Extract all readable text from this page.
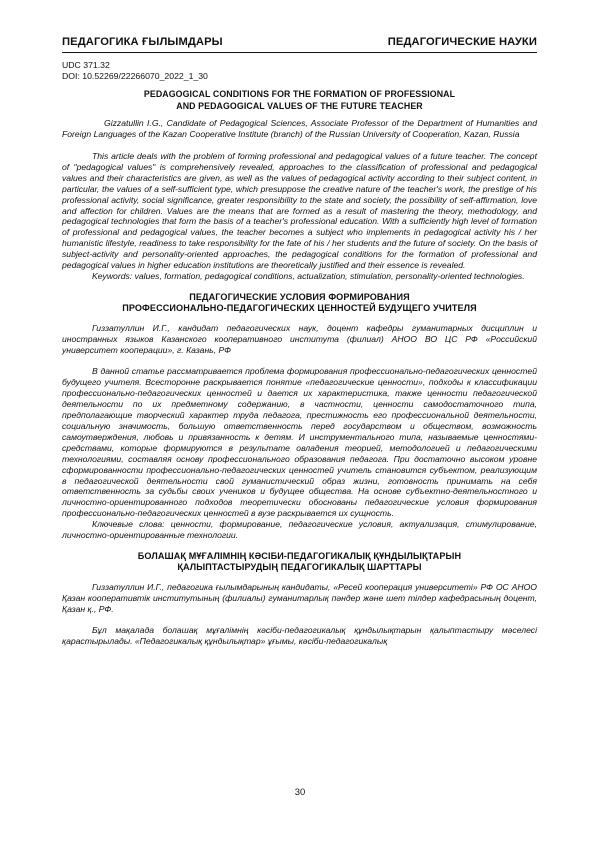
ПЕДАГОГИКА ҒЫЛЫМДАРЫ	ПЕДАГОГИЧЕСКИЕ НАУКИ

UDC 371.32

DOI: 10.52269/22266070_2022_1_30

PEDAGOGICAL CONDITIONS FOR THE FORMATION OF PROFESSIONAL

AND PEDAGOGICAL VALUES OF THE FUTURE TEACHER

Gizzatullin I.G., Candidate of Pedagogical Sciences, Associate Professor of the Department of Humanities and Foreign Languages of the Kazan Cooperative Institute (branch) of the Russian University of Cooperation, Kazan, Russia

This article deals with the problem of forming professional and pedagogical values of a future teacher. The concept of "pedagogical values" is comprehensively revealed, approaches to the classification of professional and pedagogical values and their characteristics are given, as well as the values of pedagogical activity according to their subject content, in particular, the values of a self-sufficient type, which presuppose the creative nature of the teacher's work, the prestige of his professional activity, social significance, greater responsibility to the state and society, the possibility of self-affirmation, love and affection for children. Values are the means that are formed as a result of mastering the theory, methodology, and pedagogical technologies that form the basis of a teacher's professional education. With a sufficiently high level of formation of professional and pedagogical values, the teacher becomes a subject who implements in pedagogical activity his / her humanistic lifestyle, readiness to take responsibility for the fate of his / her students and the future of society. On the basis of subject-activity and personality-oriented approaches, the pedagogical conditions for the formation of professional and pedagogical values in higher education institutions are theoretically justified and their essence is revealed.

Keywords: values, formation, pedagogical conditions, actualization, stimulation, personality-oriented technologies.

ПЕДАГОГИЧЕСКИЕ УСЛОВИЯ ФОРМИРОВАНИЯ

ПРОФЕССИОНАЛЬНО-ПЕДАГОГИЧЕСКИХ ЦЕННОСТЕЙ БУДУЩЕГО УЧИТЕЛЯ

Гиззатуллин И.Г., кандидат педагогических наук, доцент кафедры гуманитарных дисциплин и иностранных языков Казанского кооперативного института (филиал) АНОО ВО ЦС РФ «Российский университет кооперации», г. Казань, РФ

В данной статье рассматривается проблема формирования профессионально-педагогических ценностей будущего учителя. Всесторонне раскрывается понятие «педагогические ценности», подходы к классификации профессионально-педагогических ценностей и дается их характеристика, также ценности педагогической деятельности по их предметному содержанию, в частности, ценности самодостаточного типа, предполагающие творческий характер труда педагога, престижность его профессиональной деятельности, социальную значимость, большую ответственность перед государством и обществом, возможность самоутверждения, любовь и привязанность к детям. И инструментального типа, называемые ценностями-средствами, которые формируются в результате овладения теорией, методологией и педагогическими технологиями, составляя основу профессионального образования педагога. При достаточно высоком уровне сформированности профессионально-педагогических ценностей учитель становится субъектом, реализующим в педагогической деятельности свой гуманистический образ жизни, готовность принимать на себя ответственность за судьбы своих учеников и будущее общества. На основе субъектно-деятельностного и личностно-ориентированного подходов теоретически обоснованы педагогические условия формирования профессионально-педагогических ценностей в вузе раскрывается их сущность.

Ключевые слова: ценности, формирование, педагогические условия, актуализация, стимулирование, личностно-ориентированные технологии.

БОЛАШАҚ МҰҒАЛІМНІҢ КӘСІБИ-ПЕДАГОГИКАЛЫҚ ҚҰНДЫЛЫҚТАРЫН

ҚАЛЫПТАСТЫРУДЫҢ ПЕДАГОГИКАЛЫҚ ШАРТТАРЫ

Гиззатуллин И.Г., педагогика ғылымдарының кандидаты, «Ресей кооперация университеті» РФ ОС АНОО Қазан кооперативтік институтының (филиалы) гуманитарлық пәндер және шет тілдер кафедрасының доцент, Қазан қ., РФ.

Бұл мақалада болашақ мұғалімнің кәсіби-педагогикалық құндылықтарын қалыптастыру мәселесі қарастырылады. «Педагогикалық құндылықтар» ұғымы, кәсіби-педагогикалық

30
